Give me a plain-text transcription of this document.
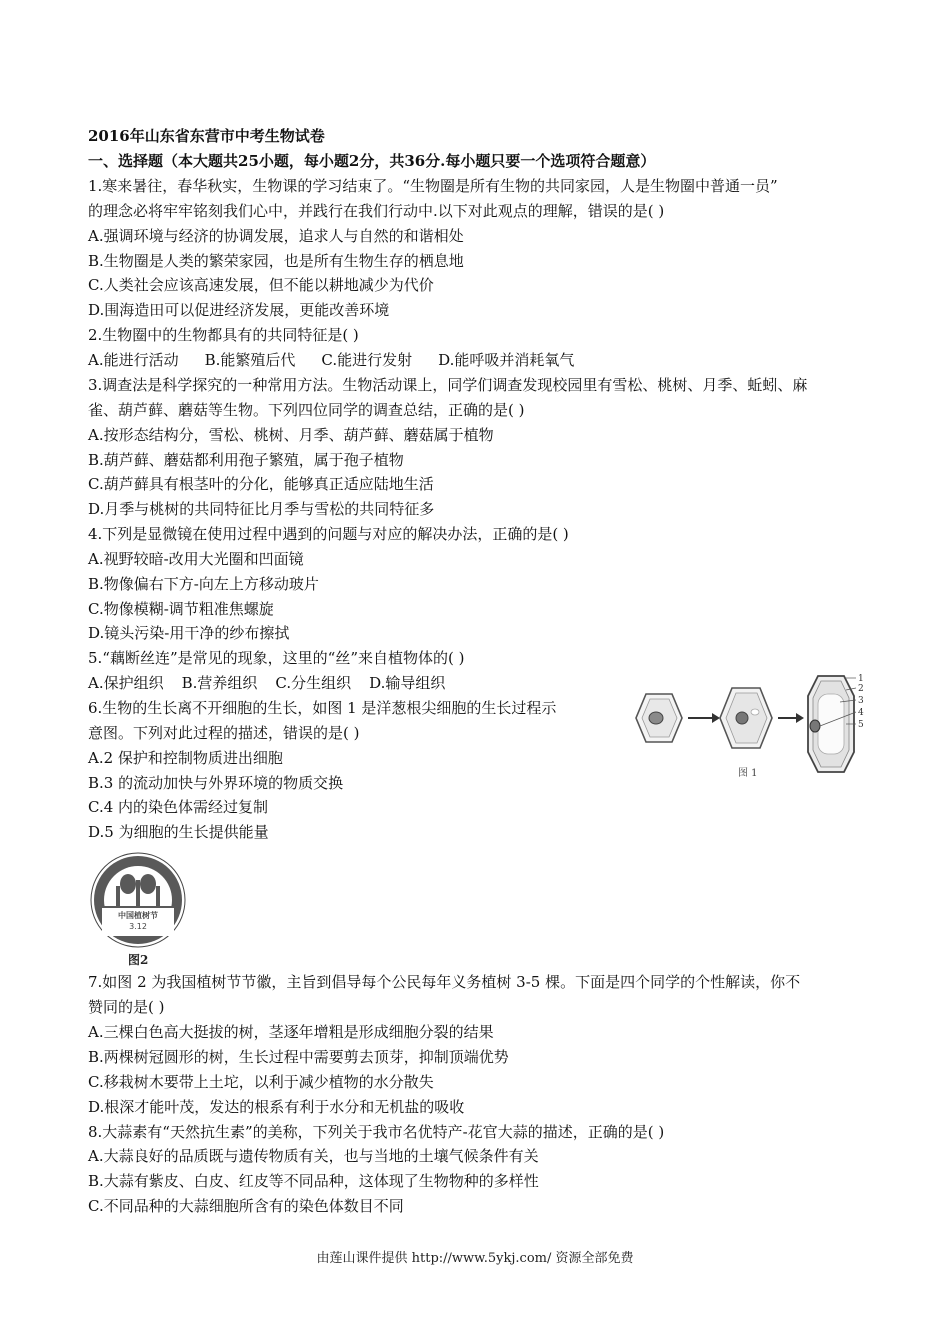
2016年山东省东营市中考生物试卷
一、选择题（本大题共25小题，每小题2分，共36分.每小题只要一个选项符合题意）
1.寒来暑往，春华秋实，生物课的学习结束了。“生物圈是所有生物的共同家园，人是生物圈中普通一员”
的理念必将牢牢铭刻我们心中，并践行在我们行动中.以下对此观点的理解，错误的是( )
A.强调环境与经济的协调发展，追求人与自然的和谐相处
B.生物圈是人类的繁荣家园，也是所有生物生存的栖息地
C.人类社会应该高速发展，但不能以耕地减少为代价
D.围海造田可以促进经济发展，更能改善环境
2.生物圈中的生物都具有的共同特征是( )
A.能进行活动 B.能繁殖后代 C.能进行发射 D.能呼吸并消耗氧气
3.调查法是科学探究的一种常用方法。生物活动课上，同学们调查发现校园里有雪松、桃树、月季、蚯蚓、麻
雀、葫芦藓、蘑菇等生物。下列四位同学的调查总结，正确的是( )
A.按形态结构分，雪松、桃树、月季、葫芦藓、蘑菇属于植物
B.葫芦藓、蘑菇都利用孢子繁殖，属于孢子植物
C.葫芦藓具有根茎叶的分化，能够真正适应陆地生活
D.月季与桃树的共同特征比月季与雪松的共同特征多
4.下列是显微镜在使用过程中遇到的问题与对应的解决办法，正确的是( )
A.视野较暗-改用大光圈和凹面镜
B.物像偏右下方-向左上方移动玻片
C.物像模糊-调节粗准焦螺旋
D.镜头污染-用干净的纱布擦拭
5.“藕断丝连”是常见的现象，这里的“丝”来自植物体的( )
A.保护组织 B.营养组织 C.分生组织 D.输导组织
6.生物的生长离不开细胞的生长，如图 1 是洋葱根尖细胞的生长过程示
意图。下列对此过程的描述，错误的是( )
A.2 保护和控制物质进出细胞
B.3 的流动加快与外界环境的物质交换
C.4 内的染色体需经过复制
D.5 为细胞的生长提供能量
1
2
3
4
5
图 1
中国植树节
3.12
图2
7.如图 2 为我国植树节节徽，主旨到倡导每个公民每年义务植树 3-5 棵。下面是四个同学的个性解读，你不
赞同的是( )
A.三棵白色高大挺拔的树，茎逐年增粗是形成细胞分裂的结果
B.两棵树冠圆形的树，生长过程中需要剪去顶芽，抑制顶端优势
C.移栽树木要带上土坨，以利于减少植物的水分散失
D.根深才能叶茂，发达的根系有利于水分和无机盐的吸收
8.大蒜素有“天然抗生素”的美称，下列关于我市名优特产-花官大蒜的描述，正确的是( )
A.大蒜良好的品质既与遗传物质有关，也与当地的土壤气候条件有关
B.大蒜有紫皮、白皮、红皮等不同品种，这体现了生物物种的多样性
C.不同品种的大蒜细胞所含有的染色体数目不同
由莲山课件提供 http://www.5ykj.com/ 资源全部免费
